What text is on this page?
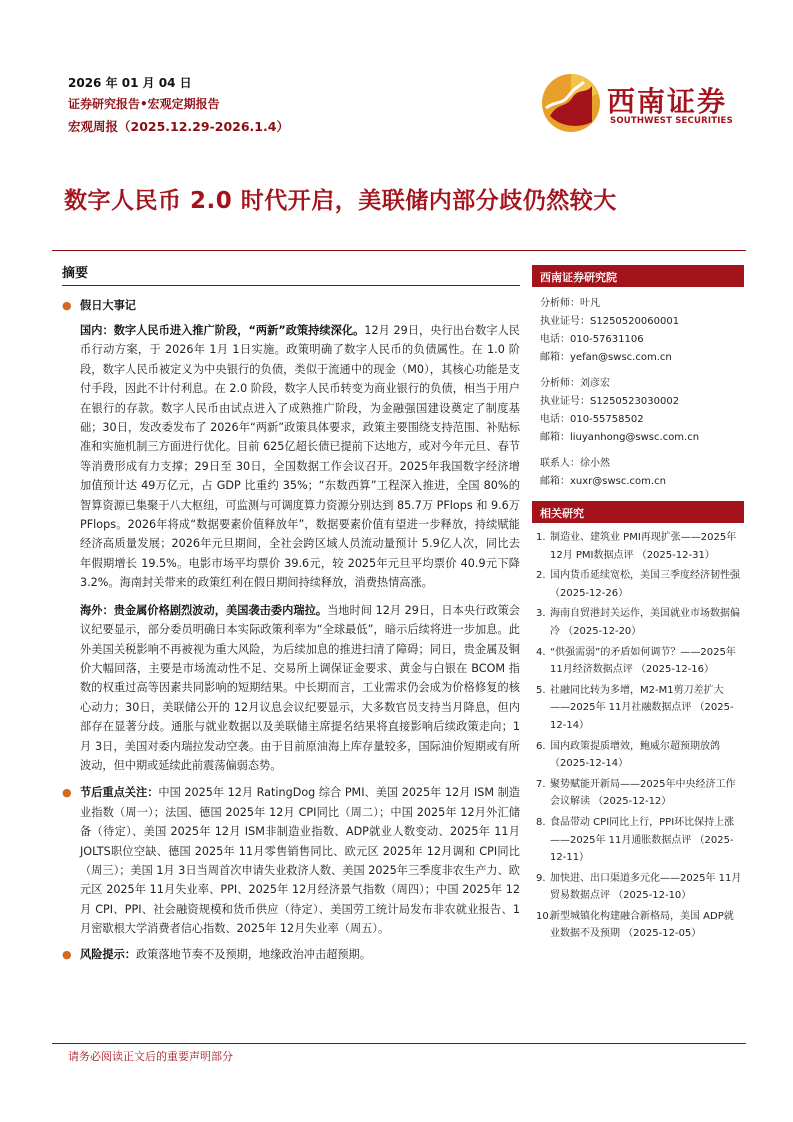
2026 年 01 月 04 日
证券研究报告•宏观定期报告
宏观周报（2025.12.29-2026.1.4）
西南证券
SOUTHWEST SECURITIES
数字人民币 2.0 时代开启，美联储内部分歧仍然较大
摘要
● 假日大事记

国内：数字人民币进入推广阶段，“两新”政策持续深化。12月 29日，央行出台数字人民币行动方案，于 2026年 1月 1日实施。政策明确了数字人民币的负债属性。在 1.0 阶段，数字人民币被定义为中央银行的负债，类似于流通中的现金（M0），其核心功能是支付手段，因此不计付利息。在 2.0 阶段，数字人民币转变为商业银行的负债，相当于用户在银行的存款。数字人民币由试点进入了成熟推广阶段，为金融强国建设奠定了制度基础；30日，发改委发布了 2026年“两新”政策具体要求，政策主要围绕支持范围、补贴标准和实施机制三方面进行优化。目前 625亿超长债已提前下达地方，或对今年元旦、春节等消费形成有力支撑；29日至 30日，全国数据工作会议召开。2025年我国数字经济增加值预计达 49万亿元，占 GDP 比重约 35%；“东数西算”工程深入推进，全国 80%的智算资源已集聚于八大枢纽，可监测与可调度算力资源分别达到 85.7万 PFlops 和 9.6万 PFlops。2026年将成“数据要素价值释放年”，数据要素价值有望进一步释放，持续赋能经济高质量发展；2026年元旦期间，全社会跨区域人员流动量预计 5.9亿人次，同比去年假期增长 19.5%。电影市场平均票价 39.6元，较 2025年元旦平均票价 40.9元下降 3.2%。海南封关带来的政策红利在假日期间持续释放，消费热情高涨。

海外：贵金属价格剧烈波动，美国袭击委内瑞拉。当地时间 12月 29日，日本央行政策会议纪要显示，部分委员明确日本实际政策利率为“全球最低”，暗示后续将进一步加息。此外美国关税影响不再被视为重大风险，为后续加息的推进扫清了障碍；同日，贵金属及铜价大幅回落，主要是市场流动性不足、交易所上调保证金要求、黄金与白银在 BCOM 指数的权重过高等因素共同影响的短期结果。中长期而言，工业需求仍会成为价格修复的核心动力；30日，美联储公开的 12月议息会议纪要显示，大多数官员支持当月降息，但内部存在显著分歧。通胀与就业数据以及美联储主席提名结果将直接影响后续政策走向；1月 3日，美国对委内瑞拉发动空袭。由于目前原油海上库存量较多，国际油价短期或有所波动，但中期或延续此前震荡偏弱态势。

● 节后重点关注：中国 2025年 12月 RatingDog 综合 PMI、美国 2025年 12月 ISM 制造业指数（周一）；法国、德国 2025年 12月 CPI同比（周二）；中国 2025年 12月外汇储备（待定）、美国 2025年 12月 ISM非制造业指数、ADP就业人数变动、2025年 11月 JOLTS职位空缺、德国 2025年 11月零售销售同比、欧元区 2025年 12月调和 CPI同比（周三）；美国 1月 3日当周首次申请失业救济人数、美国 2025年三季度非农生产力、欧元区 2025年 11月失业率、PPI、2025年 12月经济景气指数（周四）；中国 2025年 12月 CPI、PPI、社会融资规模和货币供应（待定）、美国劳工统计局发布非农就业报告、1月密歇根大学消费者信心指数、2025年 12月失业率（周五）。

● 风险提示：政策落地节奏不及预期，地缘政治冲击超预期。

西南证券研究院
分析师：叶凡
执业证号：S1250520060001
电话：010-57631106
邮箱：yefan@swsc.com.cn
分析师：刘彦宏
执业证号：S1250523030002
电话：010-55758502
邮箱：liuyanhong@swsc.com.cn
联系人：徐小然
邮箱：xuxr@swsc.com.cn
相关研究
1. 制造业、建筑业 PMI再现扩张——2025年 12月 PMI数据点评 （2025-12-31）
2. 国内货币延续宽松，美国三季度经济韧性强 （2025-12-26）
3. 海南自贸港封关运作，美国就业市场数据偏冷 （2025-12-20）
4. “供强需弱”的矛盾如何调节？——2025年 11月经济数据点评 （2025-12-16）
5. 社融同比转为多增，M2-M1剪刀差扩大——2025年 11月社融数据点评 （2025-12-14）
6. 国内政策提质增效，鲍威尔超预期放鸽 （2025-12-14）
7. 聚势赋能开新局——2025年中央经济工作会议解读 （2025-12-12）
8. 食品带动 CPI同比上行，PPI环比保持上涨——2025年 11月通胀数据点评 （2025-12-11）
9. 加快进、出口渠道多元化——2025年 11月贸易数据点评 （2025-12-10）
10.
新型城镇化构建融合新格局，美国 ADP就业数据不及预期 （2025-12-05）
请务必阅读正文后的重要声明部分
